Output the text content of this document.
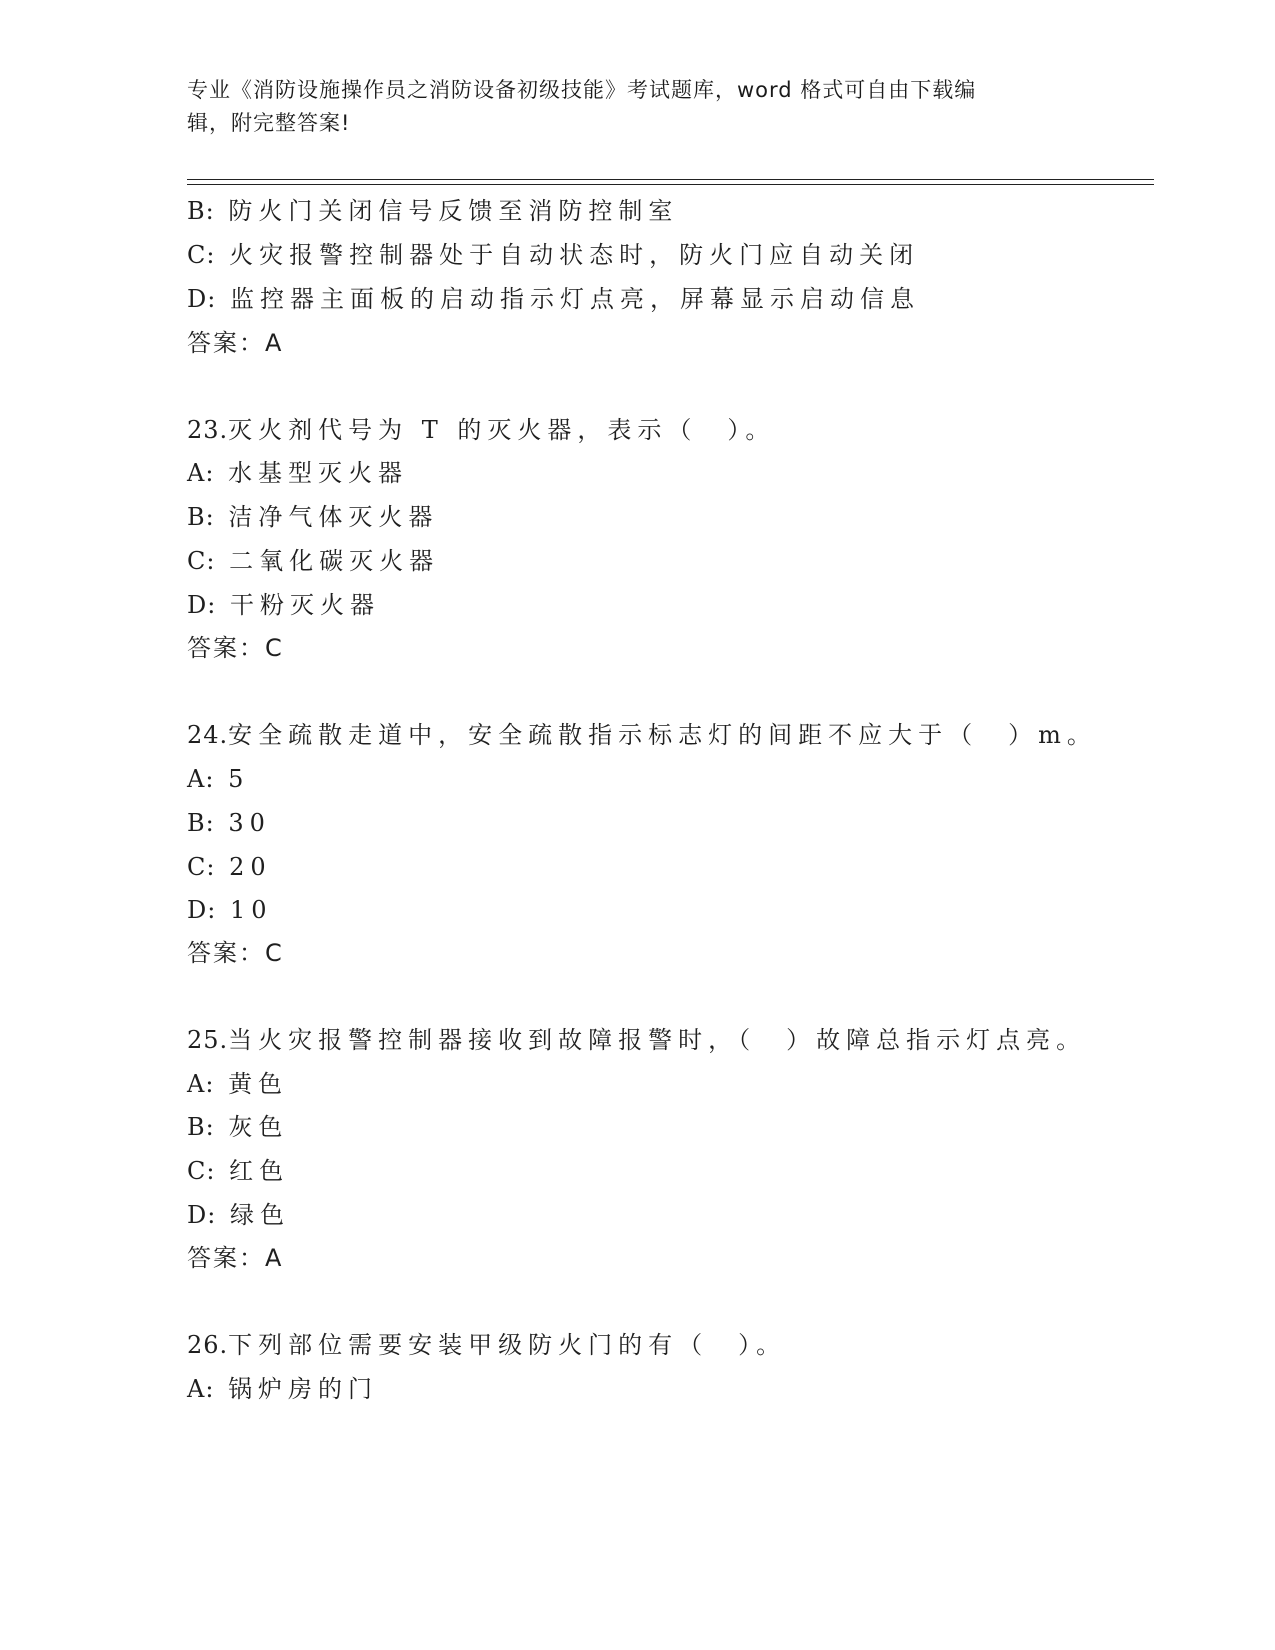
专业《消防设施操作员之消防设备初级技能》考试题库，word 格式可自由下载编
辑，附完整答案!
B: 防火门关闭信号反馈至消防控制室
C: 火灾报警控制器处于自动状态时，防火门应自动关闭
D: 监控器主面板的启动指示灯点亮，屏幕显示启动信息
答案：A
23.灭火剂代号为 T 的灭火器，表示（　）。
A: 水基型灭火器
B: 洁净气体灭火器
C: 二氧化碳灭火器
D: 干粉灭火器
答案：C
24.安全疏散走道中，安全疏散指示标志灯的间距不应大于（　）m。
A: 5
B: 30
C: 20
D: 10
答案：C
25.当火灾报警控制器接收到故障报警时，（　）故障总指示灯点亮。
A: 黄色
B: 灰色
C: 红色
D: 绿色
答案：A
26.下列部位需要安装甲级防火门的有（　）。
A: 锅炉房的门
